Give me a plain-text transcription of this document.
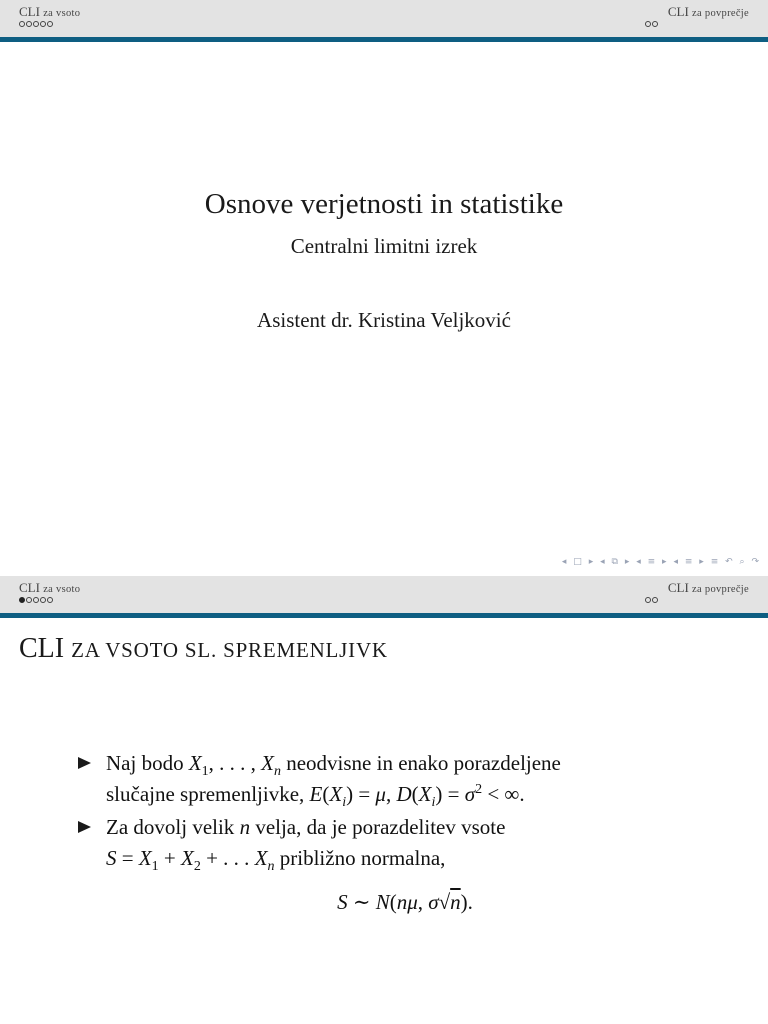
CLI za vsoto	CLI za povprečje
Osnove verjetnosti in statistike
Centralni limitni izrek
Asistent dr. Kristina Veljković
◂ □ ▸ ◂ ⧉ ▸ ◂ ≡ ▸ ◂ ≡ ▸ ≡ ↶ ⌕ ↷
CLI za vsoto	CLI za povprečje
CLI ZA VSOTO SL. SPREMENLJIVK
Naj bodo $X_1$, . . . , $X_n$ neodvisne in enako porazdeljene
slučajne spremenljivke, $E(X_i) = \mu$, $D(X_i) = \sigma^2$ < ∞.
Za dovolj velik n velja, da je porazdelitev vsote
$S = X_1 + X_2$ + . . . $X_n$ približno normalna,
S ∼ N(nμ, σ√n).
